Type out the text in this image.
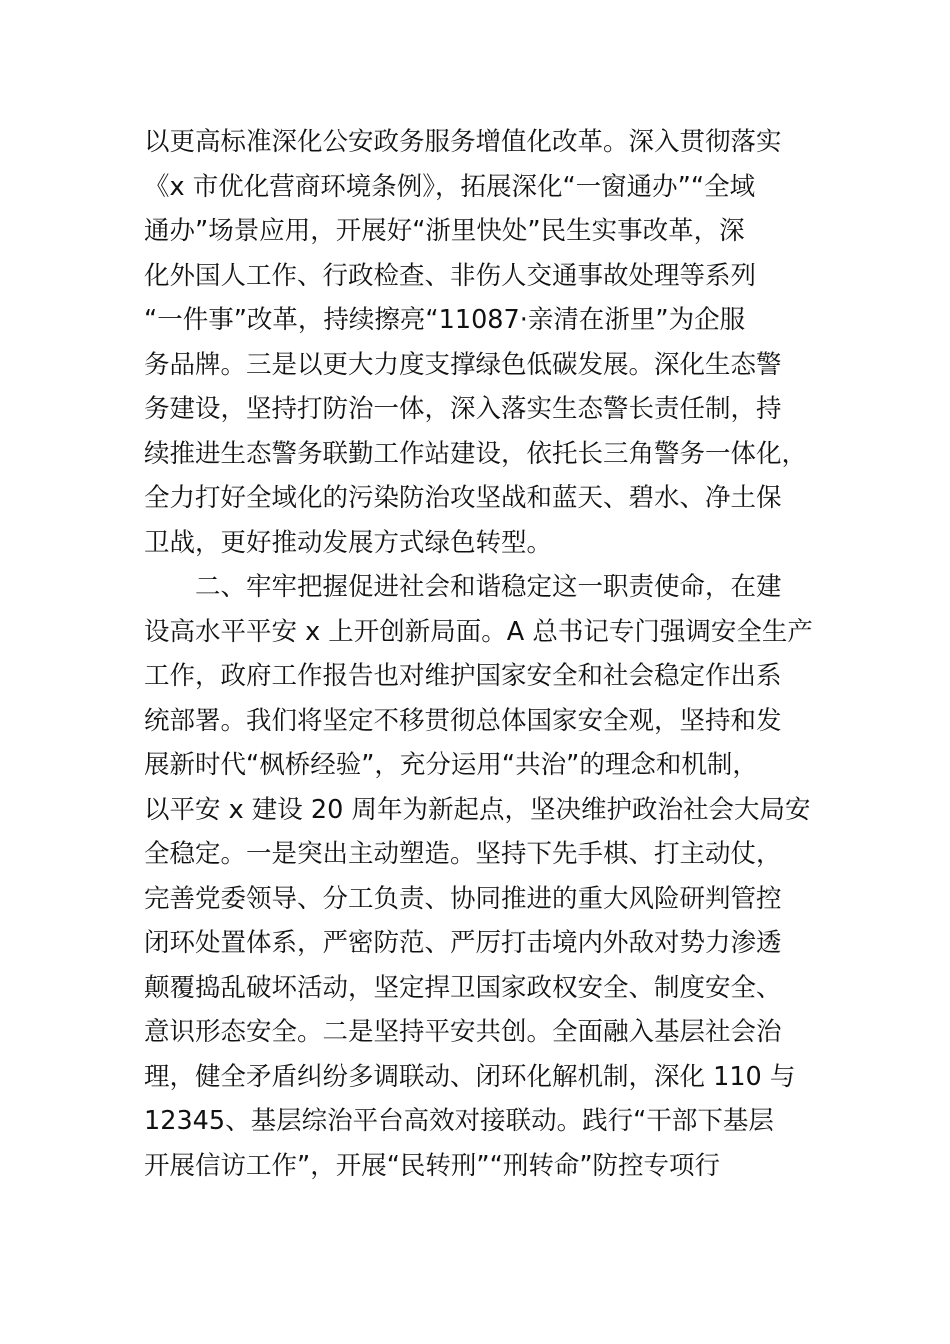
以更高标准深化公安政务服务增值化改革。深入贯彻落实
《x 市优化营商环境条例》，拓展深化“一窗通办”“全域
通办”场景应用，开展好“浙里快处”民生实事改革，深
化外国人工作、行政检查、非伤人交通事故处理等系列
“一件事”改革，持续擦亮“11087·亲清在浙里”为企服
务品牌。三是以更大力度支撑绿色低碳发展。深化生态警
务建设，坚持打防治一体，深入落实生态警长责任制，持
续推进生态警务联勤工作站建设，依托长三角警务一体化，
全力打好全域化的污染防治攻坚战和蓝天、碧水、净土保
卫战，更好推动发展方式绿色转型。
二、牢牢把握促进社会和谐稳定这一职责使命，在建
设高水平平安 x 上开创新局面。A 总书记专门强调安全生产
工作，政府工作报告也对维护国家安全和社会稳定作出系
统部署。我们将坚定不移贯彻总体国家安全观，坚持和发
展新时代“枫桥经验”，充分运用“共治”的理念和机制，
以平安 x 建设 20 周年为新起点，坚决维护政治社会大局安
全稳定。一是突出主动塑造。坚持下先手棋、打主动仗，
完善党委领导、分工负责、协同推进的重大风险研判管控
闭环处置体系，严密防范、严厉打击境内外敌对势力渗透
颠覆捣乱破坏活动，坚定捍卫国家政权安全、制度安全、
意识形态安全。二是坚持平安共创。全面融入基层社会治
理，健全矛盾纠纷多调联动、闭环化解机制，深化 110 与
12345、基层综治平台高效对接联动。践行“干部下基层
开展信访工作”，开展“民转刑”“刑转命”防控专项行
